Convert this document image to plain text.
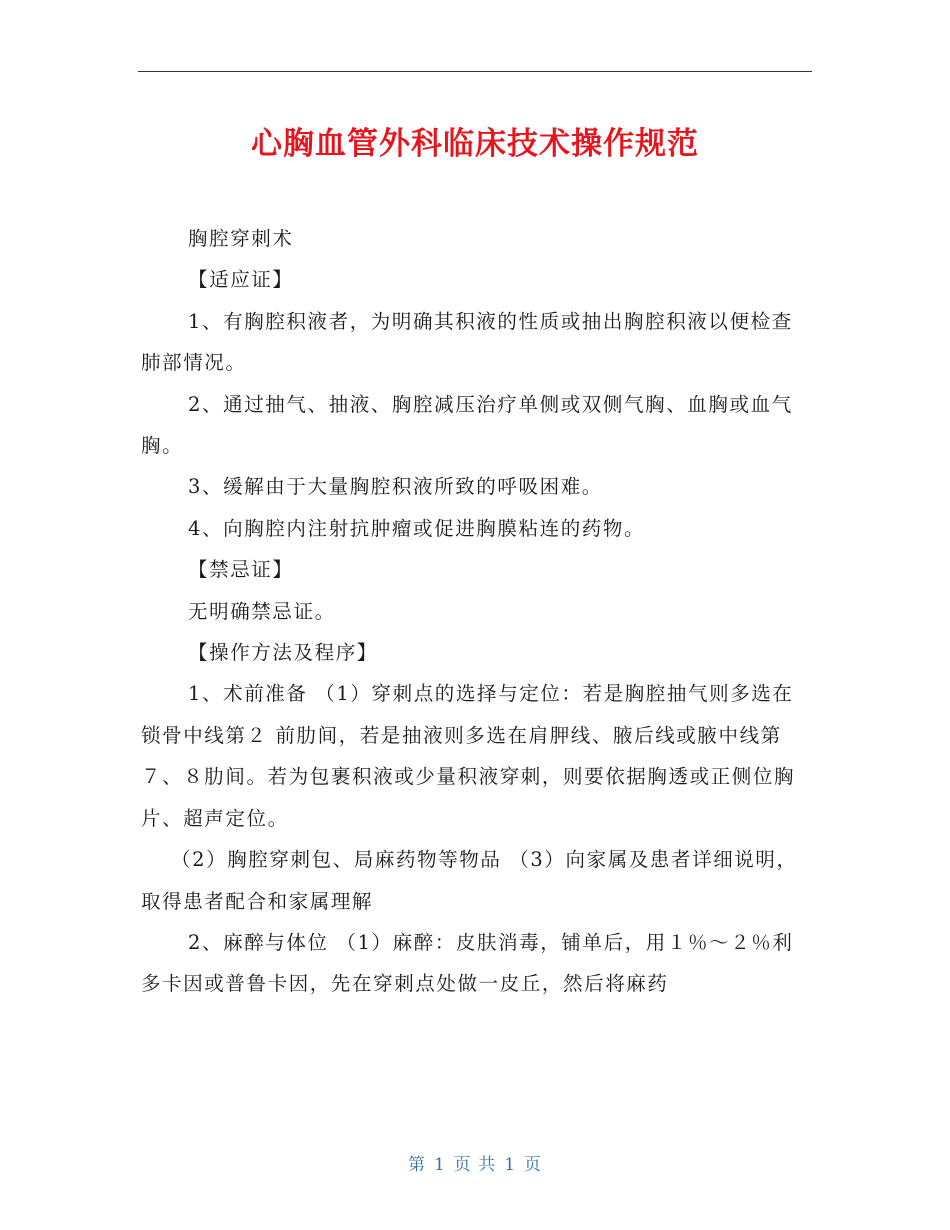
心胸血管外科临床技术操作规范

胸腔穿刺术

【适应证】

1、有胸腔积液者，为明确其积液的性质或抽出胸腔积液以便检查肺部情况。

2、通过抽气、抽液、胸腔减压治疗单侧或双侧气胸、血胸或血气胸。

3、缓解由于大量胸腔积液所致的呼吸困难。

4、向胸腔内注射抗肿瘤或促进胸膜粘连的药物。

【禁忌证】

无明确禁忌证。

【操作方法及程序】

1、术前准备 （1）穿刺点的选择与定位：若是胸腔抽气则多选在锁骨中线第２ 前肋间，若是抽液则多选在肩胛线、腋后线或腋中线第７、８肋间。若为包裹积液或少量积液穿刺，则要依据胸透或正侧位胸片、超声定位。

（2）胸腔穿刺包、局麻药物等物品 （3）向家属及患者详细说明，取得患者配合和家属理解

2、麻醉与体位 （1）麻醉：皮肤消毒，铺单后，用１％～２％利多卡因或普鲁卡因，先在穿刺点处做一皮丘，然后将麻药

第 1 页 共 1 页
